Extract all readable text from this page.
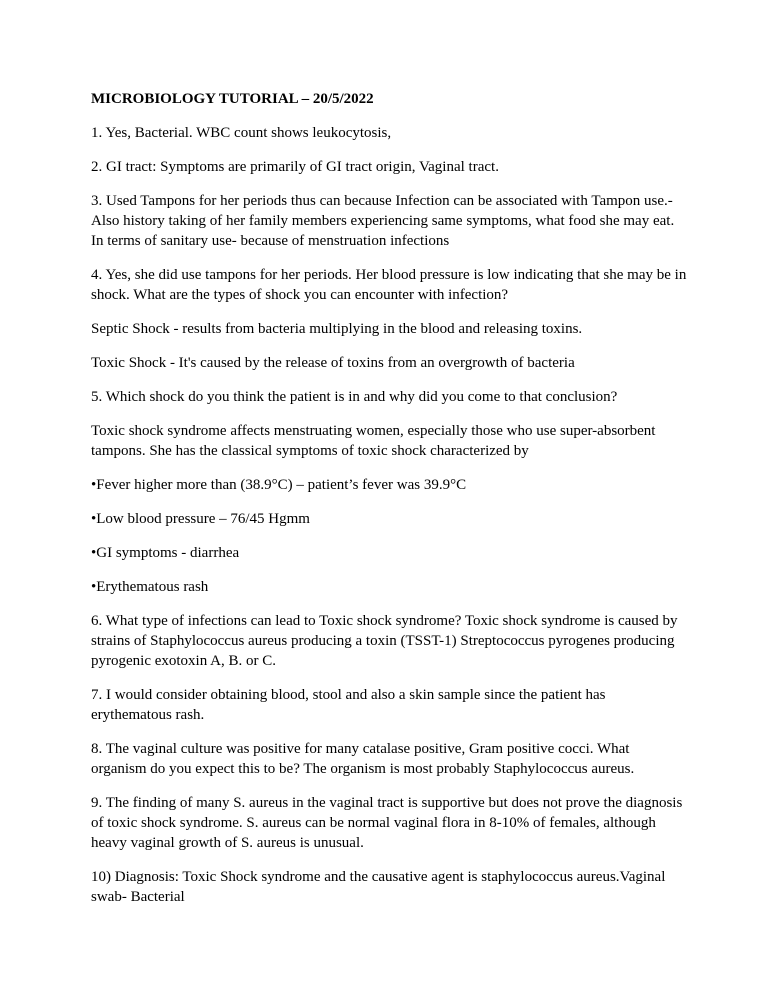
MICROBIOLOGY TUTORIAL – 20/5/2022

1. Yes, Bacterial. WBC count shows leukocytosis,

2. GI tract: Symptoms are primarily of GI tract origin, Vaginal tract.

3. Used Tampons for her periods thus can because Infection can be associated with Tampon use.- Also history taking of her family members experiencing same symptoms, what food she may eat. In terms of sanitary use- because of menstruation infections

4. Yes, she did use tampons for her periods. Her blood pressure is low indicating that she may be in shock. What are the types of shock you can encounter with infection?

Septic Shock - results from bacteria multiplying in the blood and releasing toxins.

Toxic Shock - It's caused by the release of toxins from an overgrowth of bacteria

5. Which shock do you think the patient is in and why did you come to that conclusion?

Toxic shock syndrome affects menstruating women, especially those who use super-absorbent tampons. She has the classical symptoms of toxic shock characterized by

•Fever higher more than (38.9°C) – patient’s fever was 39.9°C

•Low blood pressure – 76/45 Hgmm

•GI symptoms - diarrhea

•Erythematous rash

6. What type of infections can lead to Toxic shock syndrome? Toxic shock syndrome is caused by strains of Staphylococcus aureus producing a toxin (TSST-1) Streptococcus pyrogenes producing pyrogenic exotoxin A, B. or C.

7. I would consider obtaining blood, stool and also a skin sample since the patient has erythematous rash.

8. The vaginal culture was positive for many catalase positive, Gram positive cocci. What organism do you expect this to be? The organism is most probably Staphylococcus aureus.

9. The finding of many S. aureus in the vaginal tract is supportive but does not prove the diagnosis of toxic shock syndrome. S. aureus can be normal vaginal flora in 8-10% of females, although heavy vaginal growth of S. aureus is unusual.

10) Diagnosis: Toxic Shock syndrome and the causative agent is staphylococcus aureus.Vaginal swab- Bacterial
